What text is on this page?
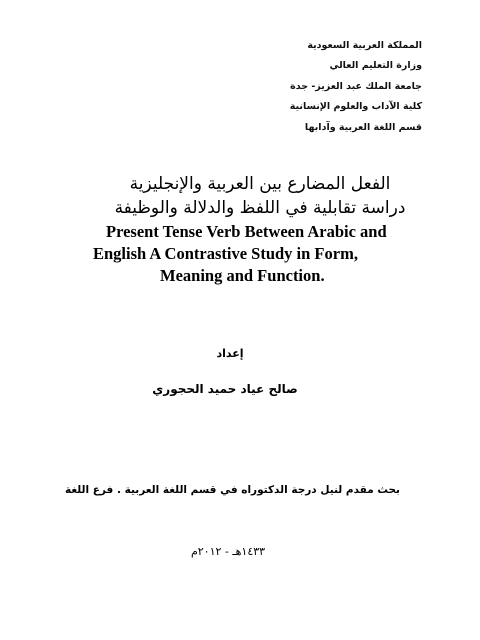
المملكة العربية السعودية
وزارة التعليم العالي
جامعة الملك عبد العزيز- جدة
كلية الآداب والعلوم الإنسانية
قسم اللغة العربية وآدابها
الفعل المضارع بين العربية والإنجليزية
دراسة تقابلية في اللفظ والدلالة والوظيفة
Present Tense Verb Between Arabic and
English A Contrastive Study in Form,
Meaning and Function.
إعداد
صالح عياد حميد الحجوري
بحث مقدم لنيل درجة الدكتوراه في قسم اللغة العربية . فرع اللغة
١٤٣٣هـ - ٢٠١٢م
